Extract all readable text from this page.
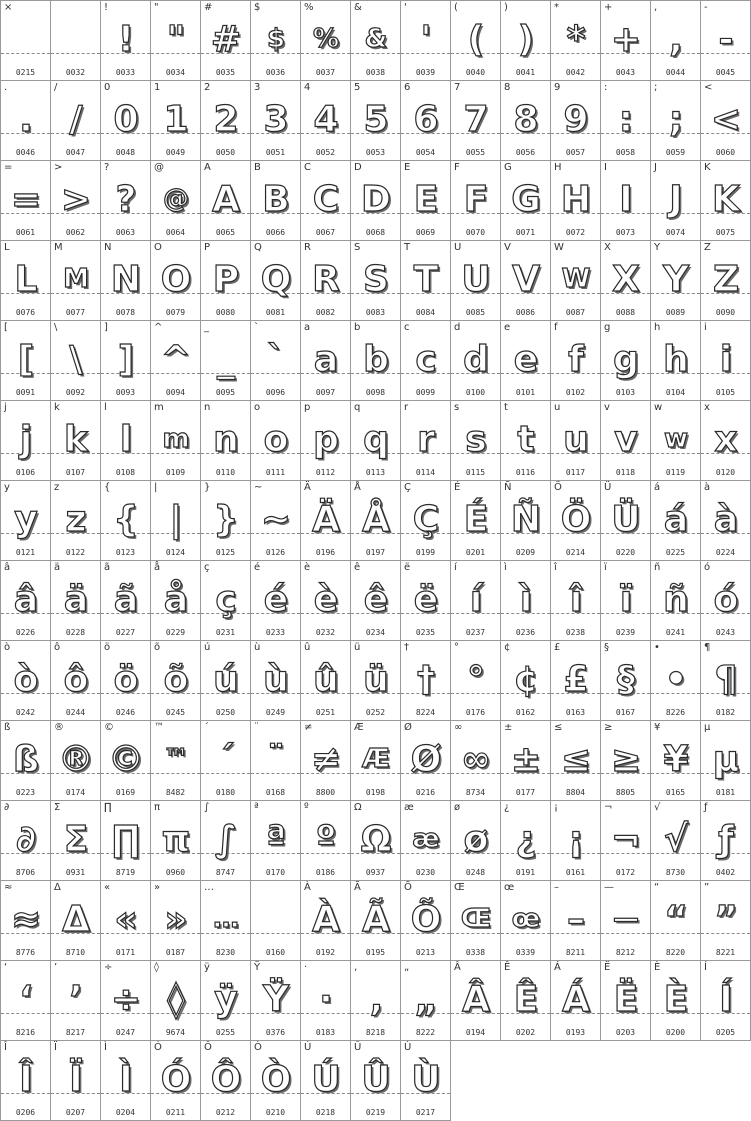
×
0215	0032
!
!
0033
"
"
0034
#
#
0035
$
$
0036
%
%
0037
&
&
0038
'
'
0039
(
(
0040
)
)
0041
*
*
0042
+
+
0043
,
,
0044
-
-
0045
.
.
0046
/
/
0047
0
0
0048
1
1
0049
2
2
0050
3
3
0051
4
4
0052
5
5
0053
6
6
0054
7
7
0055
8
8
0056
9
9
0057
:
:
0058
;
;
0059
<
<
0060
=
=
0061
>
>
0062
?
?
0063
@
@
0064
A
A
0065
B
B
0066
C
C
0067
D
D
0068
E
E
0069
F
F
0070
G
G
0071
H
H
0072
I
I
0073
J
J
0074
K
K
0075
L
L
0076
M
M
0077
N
N
0078
O
O
0079
P
P
0080
Q
Q
0081
R
R
0082
S
S
0083
T
T
0084
U
U
0085
V
V
0086
W
W
0087
X
X
0088
Y
Y
0089
Z
Z
0090
[
[
0091
\
\
0092
]
]
0093
^
^
0094
_
_
0095
`
`
0096
a
a
0097
b
b
0098
c
c
0099
d
d
0100
e
e
0101
f
f
0102
g
g
0103
h
h
0104
i
i
0105
j
j
0106
k
k
0107
l
l
0108
m
m
0109
n
n
0110
o
o
0111
p
p
0112
q
q
0113
r
r
0114
s
s
0115
t
t
0116
u
u
0117
v
v
0118
w
w
0119
x
x
0120
y
y
0121
z
z
0122
{
{
0123
|
|
0124
}
}
0125
~
~
0126
Ä
Ä
0196
Å
Å
0197
Ç
Ç
0199
É
É
0201
Ñ
Ñ
0209
Ö
Ö
0214
Ü
Ü
0220
á
á
0225
à
à
0224
â
â
0226
ä
ä
0228
ã
ã
0227
å
å
0229
ç
ç
0231
é
é
0233
è
è
0232
ê
ê
0234
ë
ë
0235
í
í
0237
ì
ì
0236
î
î
0238
ï
ï
0239
ñ
ñ
0241
ó
ó
0243
ò
ò
0242
ô
ô
0244
ö
ö
0246
õ
õ
0245
ú
ú
0250
ù
ù
0249
û
û
0251
ü
ü
0252
†
†
8224
°
°
0176
¢
¢
0162
£
£
0163
§
§
0167
•
•
8226
¶
¶
0182
ß
ß
0223
®
®
0174
©
©
0169
™
™
8482
´
´
0180
¨
¨
0168
≠
≠
8800
Æ
Æ
0198
Ø
Ø
0216
∞
∞
8734
±
±
0177
≤
≤
8804
≥
≥
8805
¥
¥
0165
µ
µ
0181
∂
∂
8706
Σ
Σ
0931
∏
∏
8719
π
π
0960
∫
∫
8747
ª
ª
0170
º
º
0186
Ω
Ω
0937
æ
æ
0230
ø
ø
0248
¿
¿
0191
¡
¡
0161
¬
¬
0172
√
√
8730
ƒ
ƒ
0402
≈
≈
8776
Δ
Δ
8710
«
«
0171
»
»
0187
…
…
8230	0160
À
À
0192
Ã
Ã
0195
Õ
Õ
0213
Œ
Œ
0338
œ
œ
0339
–
–
8211
—
—
8212
“
“
8220
”
”
8221
‘
‘
8216
’
’
8217
÷
÷
0247
◊
◊
9674
ÿ
ÿ
0255
Ÿ
Ÿ
0376
·
·
0183
‚
‚
8218
„
„
8222
Â
Â
0194
Ê
Ê
0202
Á
Á
0193
Ë
Ë
0203
È
È
0200
Í
Í
0205
Î
Î
0206
Ï
Ï
0207
Ì
Ì
0204
Ó
Ó
0211
Ô
Ô
0212
Ò
Ò
0210
Ú
Ú
0218
Û
Û
0219
Ù
Ù
0217
